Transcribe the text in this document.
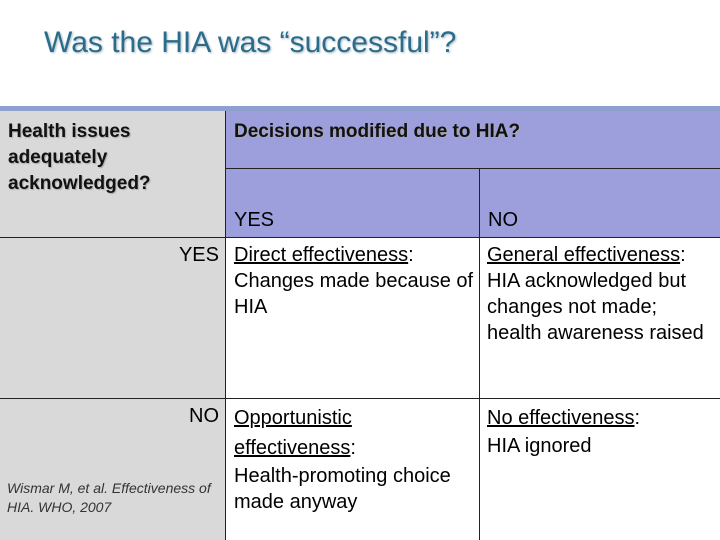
Was the HIA was “successful”?
Health issues adequately acknowledged?
Decisions modified due to HIA?
YES	NO
YES Direct effectiveness:
Changes made because of HIA
General effectiveness:
HIA acknowledged but changes not made; health awareness raised
NO
Wismar M, et al. Effectiveness of HIA. WHO, 2007
Opportunistic effectiveness:
Health-promoting choice made anyway
No effectiveness:
HIA ignored
